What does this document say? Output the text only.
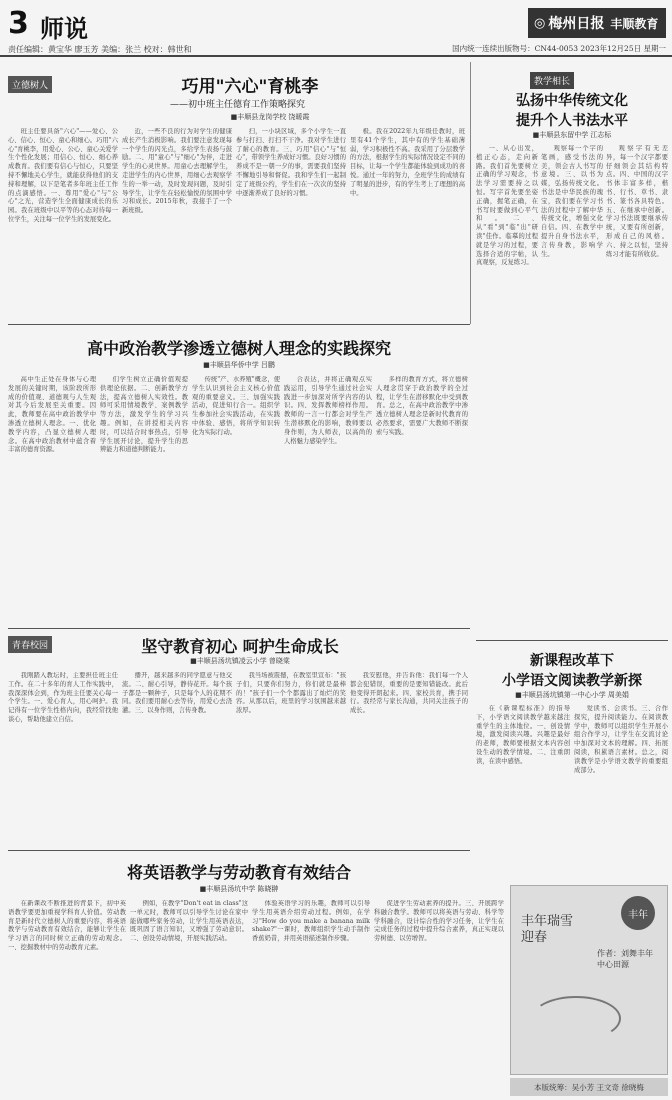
3 师说
责任编辑：黄宝华 廖玉芳 美编：张兰 校对：韩世和
◎ 梅州日报 丰顺教育
国内统一连续出版物号：CN44-0053 2023年12月25日 星期一
立德树人	巧用"六心"育桃李
——初中班主任德育工作策略探究
■丰顺县龙岗学校 饶暖霞

班主任要具备"六心"——爱心、公心、信心、恒心、童心和细心。巧用"六心"育桃李，用爱心、公心、童心关爱学生个性化发展；用信心、恒心、细心养成教育。我们要有信心与恒心，只要坚持不懈地关心学生，就能获得他们的支持和理解，以下是笔者多年班主任工作的点滴感悟。一、尊用"爱心"与"公心"之光，营造学生全面健康成长的乐园。我在班级中以平等的心态对待每一位学生，关注每一位学生的发展变化。

近，一些不良的行为对学生的健康成长产生消极影响。我们要注意发现每一个学生的闪光点，多给学生表扬与鼓励。二、用"童心"与"细心"为伴，走进学生的心灵世界。用童心去理解学生，走进学生的内心世界，用细心去观察学生的一举一动，及时发现问题，及时引导学生，让学生在轻松愉悦的氛围中学习和成长。2015年秋，我接手了一个新班级。

扫，一小块区域，多个小学生一直参与打扫、打扫不干净。我对学生进行了耐心的教育。三、巧用"信心"与"恒心"，带领学生养成好习惯。良好习惯的养成不是一朝一夕的事，需要我们坚持不懈地引导和督促。我和学生们一起制定了班级公约，学生们在一次次的坚持中逐渐养成了良好的习惯。

极。我在2022年九年级任教时，班里有41个学生，其中有的学生基础薄弱，学习积极性不高。我采用了分层教学的方法，根据学生的实际情况设定不同的目标，让每一个学生都能体验到成功的喜悦。通过一年的努力，全班学生的成绩有了明显的进步，有的学生考上了理想的高中。

教学相长
弘扬中华传统文化
提升个人书法水平
■丰顺县东留中学 江志标

一、从心出发，植正心态，走向新路。我们首先要树立正确的学习观念，书法学习需要持之以恒。写字首先要坐姿正确，握笔正确，在书写时要做到心平气和。二、从"看"到"临"出"研读"佳作。临摹的过程就是学习的过程，要选择合适的字帖，认真观察，反复练习。

观察每一个字的笔画，感受书法的美，领会古人书写的意境。三、以书为媒，弘扬传统文化。书法是中华民族的瑰宝，我们要在学习书法的过程中了解中华传统文化，增强文化自信。四、在教学中提升自身书法水平，言传身教，影响学生。

观察字有无差异，每一个汉字都要仔细领会其结构特点。四、中国的汉字书体丰富多样，楷书、行书、草书、隶书、篆书各具特色。五、在继承中创新。学习书法既要继承传统，又要有所创新，形成自己的风格。六、持之以恒，坚持练习才能有所收获。

高中政治教学渗透立德树人理念的实践探究
■丰顺县华侨中学 吕鹏

高中生正处在身体与心理发展的关键时期，该阶段所形成的价值观、道德观与人生观对其今后发展至关重要。因此，教师要在高中政治教学中渗透立德树人理念。一、优化教学内容，凸显立德树人理念。在高中政治教材中蕴含着丰富的德育资源。

们学生树立正确价值观提供理论依据。二、创新教学方法，提高立德树人实效性。教师可采用情境教学、案例教学等方法，激发学生的学习兴趣。例如，在讲授相关内容时，可以结合时事热点，引导学生展开讨论，提升学生的思辨能力和道德判断能力。

传统"产、水养殖"概念，使学生认识到社会主义核心价值观的重要意义。三、加强实践活动，促进知行合一。组织学生参加社会实践活动，在实践中体验、感悟，将所学知识转化为实际行动。

合表达，并将正确观点实践运用，引导学生通过社会实践进一步加深对所学内容的认识。四、发挥教师榜样作用。教师的一言一行都会对学生产生潜移默化的影响，教师要以身作则，为人师表，以高尚的人格魅力感染学生。

多样的教育方式，将立德树人理念贯穿于政治教学的全过程，让学生在潜移默化中受到教育。总之，在高中政治教学中渗透立德树人理念是新时代教育的必然要求，需要广大教师不断探索与实践。

青春校园	坚守教育初心 呵护生命成长
■丰顺县汤坑镇凌云小学 曾晓棠

我刚踏入教坛时，主要担任班主任工作。在二十多年的育人工作实践中，我深深体会到，作为班主任要关心每一个学生。一、爱心育人，用心呵护。我记得有一位学生性格内向，我经常找他谈心，帮助他建立自信。

播开，越来越多的同学愿意与他交流。二、耐心引导，静待花开。每个孩子都是一颗种子，只是每个人的花期不同。我们要用耐心去等待，用爱心去浇灌。三、以身作则，言传身教。

我当场被震撼，在教室里宣布："孩子们，只要你们努力，你们就是最棒的！"孩子们一个个都露出了灿烂的笑容。从那以后，班里的学习氛围越来越浓厚。

我安慰他，并告诉他：我们每一个人都会犯错误，重要的是要知错能改。此后他变得开朗起来。四、家校共育，携手同行。我经常与家长沟通，共同关注孩子的成长。

新课程改革下
小学语文阅读教学新探
■丰顺县汤坑镇第一中心小学 周美娟

在《新课程标准》的指导下，小学语文阅读教学越来越注重学生的主体地位。一、创设情境，激发阅读兴趣。兴趣是最好的老师，教师要根据文本内容创设生动的教学情境。二、注重朗读，在读中感悟。

爱读书、会读书。三、合作探究，提升阅读能力。在阅读教学中，教师可以组织学生开展小组合作学习，让学生在交流讨论中加深对文本的理解。四、拓展阅读，积累语言素材。总之，阅读教学是小学语文教学的重要组成部分。

将英语教学与劳动教育有效结合
■丰顺县汤坑中学 陈晓翀

在新课改不断推进的背景下，初中英语教学要更加重视学科育人价值。劳动教育是新时代立德树人的重要内容，将英语教学与劳动教育有效结合，能够让学生在学习语言的同时树立正确的劳动观念。一、挖掘教材中的劳动教育元素。

例如，在教学"Don't eat in class"这一单元时，教师可以引导学生讨论在家中能做哪些家务劳动，让学生用英语表达，既巩固了语言知识，又增强了劳动意识。二、创设劳动情境，开展实践活动。

体验英语学习的乐趣，教师可以引导学生用英语介绍劳动过程。例如，在学习"How do you make a banana milk shake?"一课时，教师组织学生动手制作香蕉奶昔，并用英语描述制作步骤。

促进学生劳动素养的提升。三、开展跨学科融合教学。教师可以将英语与劳动、科学等学科融合，设计综合性的学习任务，让学生在完成任务的过程中提升综合素养，真正实现以劳树德、以劳增智。

丰年
丰年瑞雪迎春
作者：刘舞丰年中心田源
本版统筹：吴小芳 王文奇 徐晓梅
